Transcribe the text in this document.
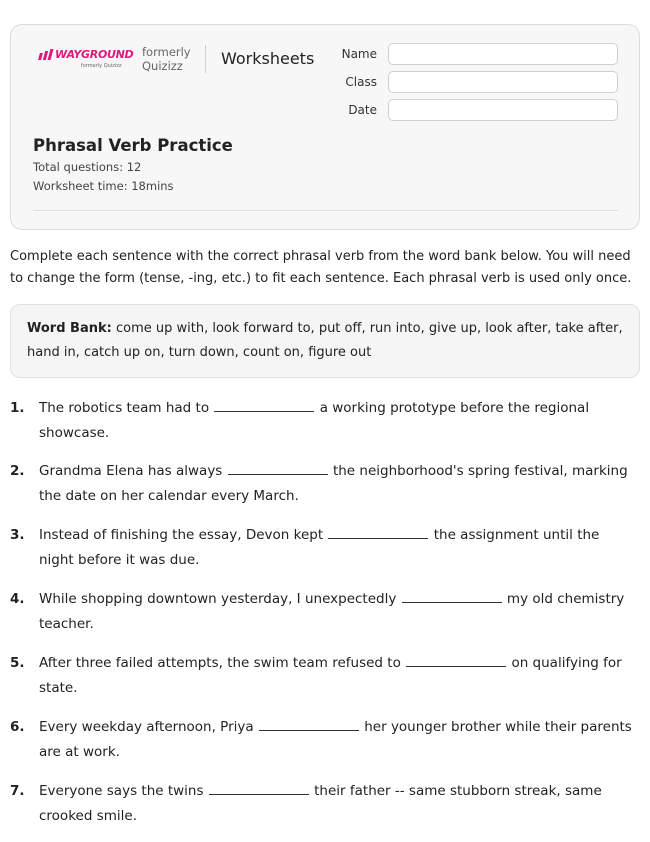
WAYGROUND
formerly Quizizz
formerly
Quizizz	Worksheets	Name
Class
Date
Phrasal Verb Practice
Total questions: 12
Worksheet time: 18mins
Complete each sentence with the correct phrasal verb from the word bank below. You will need to change the form (tense, -ing, etc.) to fit each sentence. Each phrasal verb is used only once.
Word Bank: come up with, look forward to, put off, run into, give up, look after, take after, hand in, catch up on, turn down, count on, figure out
1.	The robotics team had to	a working prototype before the regional showcase.
2.	Grandma Elena has always	the neighborhood's spring festival, marking the date on her calendar every March.
3.	Instead of finishing the essay, Devon kept	the assignment until the night before it was due.
4.	While shopping downtown yesterday, I unexpectedly	my old chemistry teacher.
5.	After three failed attempts, the swim team refused to	on qualifying for state.
6.	Every weekday afternoon, Priya	her younger brother while their parents are at work.
7.	Everyone says the twins	their father -- same stubborn streak, same crooked smile.
